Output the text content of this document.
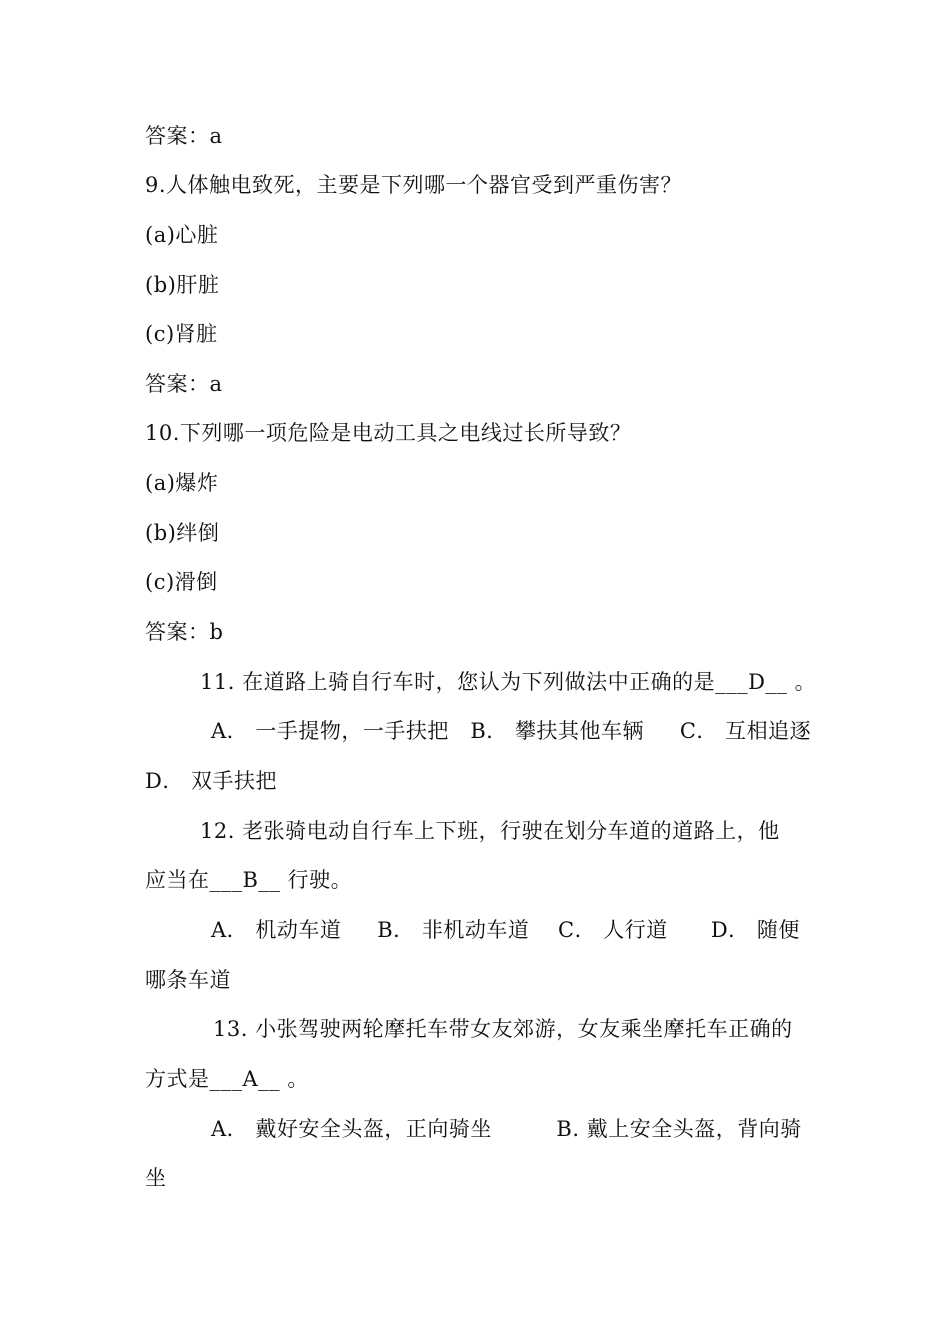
答案：a
9.人体触电致死，主要是下列哪一个器官受到严重伤害？
(a)心脏
(b)肝脏
(c)肾脏
答案：a
10.下列哪一项危险是电动工具之电线过长所导致？
(a)爆炸
(b)绊倒
(c)滑倒
答案：b
11. 在道路上骑自行车时，您认为下列做法中正确的是___D__ 。
A． 一手提物，一手扶把   B． 攀扶其他车辆     C． 互相追逐
D． 双手扶把
12. 老张骑电动自行车上下班，行驶在划分车道的道路上，他
应当在___B__ 行驶。
A． 机动车道     B． 非机动车道    C． 人行道      D． 随便
哪条车道
13. 小张驾驶两轮摩托车带女友郊游，女友乘坐摩托车正确的
方式是___A__ 。
A． 戴好安全头盔，正向骑坐         B. 戴上安全头盔，背向骑
坐
